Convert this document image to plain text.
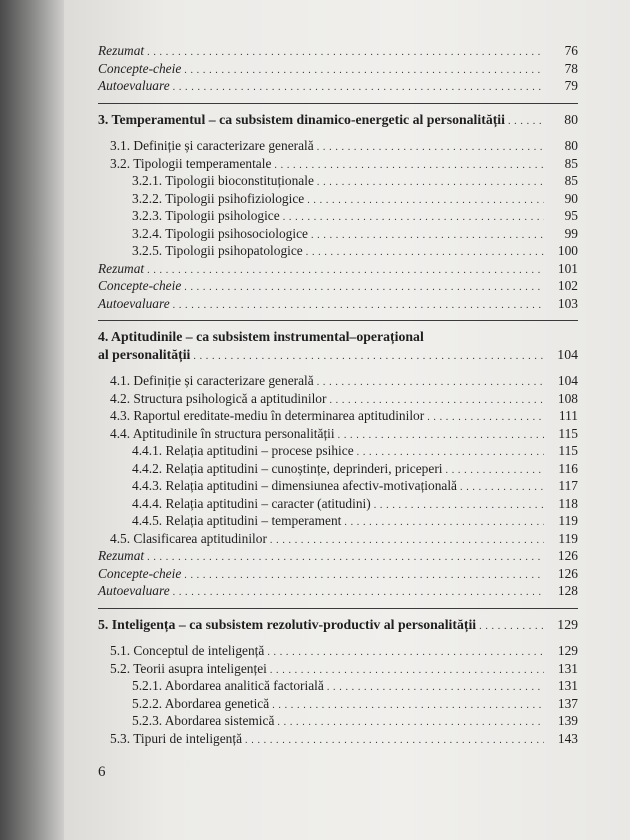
Rezumat . . .	76
Concepte-cheie . . .	78
Autoevaluare . . .	79
3. Temperamentul – ca subsistem dinamico-energetic al personalității . . .	80
3.1. Definiție și caracterizare generală . . .	80
3.2. Tipologii temperamentale . . .	85
3.2.1. Tipologii bioconstituționale . . .	85
3.2.2. Tipologii psihofiziologice . . .	90
3.2.3. Tipologii psihologice . . .	95
3.2.4. Tipologii psihosociologice . . .	99
3.2.5. Tipologii psihopatologice . . .	100
Rezumat . . .	101
Concepte-cheie . . .	102
Autoevaluare . . .	103
4. Aptitudinile – ca subsistem instrumental–operațional
al personalității . . .	104
4.1. Definiție și caracterizare generală . . .	104
4.2. Structura psihologică a aptitudinilor . . .	108
4.3. Raportul ereditate-mediu în determinarea aptitudinilor . . .	111
4.4. Aptitudinile în structura personalității . . .	115
4.4.1. Relația aptitudini – procese psihice . . .	115
4.4.2. Relația aptitudini – cunoștințe, deprinderi, priceperi . . .	116
4.4.3. Relația aptitudini – dimensiunea afectiv-motivațională . . .	117
4.4.4. Relația aptitudini – caracter (atitudini) . . .	118
4.4.5. Relația aptitudini – temperament . . .	119
4.5. Clasificarea aptitudinilor . . .	119
Rezumat . . .	126
Concepte-cheie . . .	126
Autoevaluare . . .	128
5. Inteligența – ca subsistem rezolutiv-productiv al personalității . . .	129
5.1. Conceptul de inteligență . . .	129
5.2. Teorii asupra inteligenței . . .	131
5.2.1. Abordarea analitică factorială . . .	131
5.2.2. Abordarea genetică . . .	137
5.2.3. Abordarea sistemică . . .	139
5.3. Tipuri de inteligență . . .	143
6
